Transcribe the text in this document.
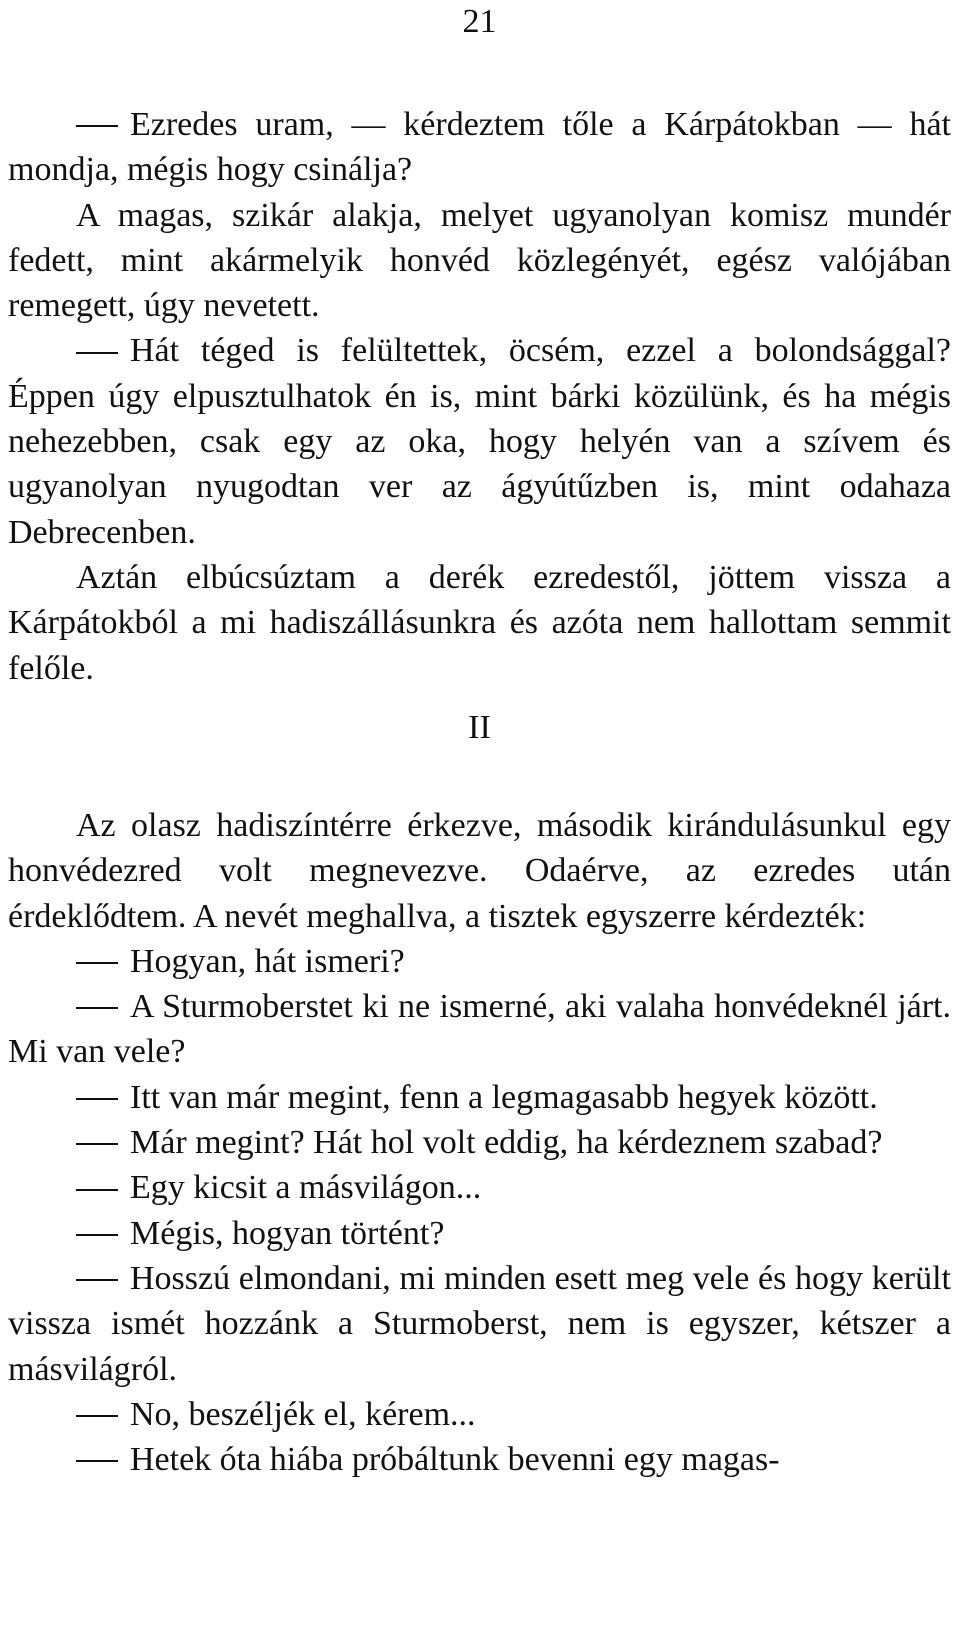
21

Ezredes uram, — kérdeztem tőle a Kárpátokban — hát mondja, mégis hogy csinálja?

A magas, szikár alakja, melyet ugyanolyan komisz mundér fedett, mint akármelyik honvéd közlegényét, egész valójában remegett, úgy nevetett.

Hát téged is felültettek, öcsém, ezzel a bolondsággal? Éppen úgy elpusztulhatok én is, mint bárki közülünk, és ha mégis nehezebben, csak egy az oka, hogy helyén van a szívem és ugyanolyan nyugodtan ver az ágyútűzben is, mint odahaza Debrecenben.

Aztán elbúcsúztam a derék ezredestől, jöttem vissza a Kárpátokból a mi hadiszállásunkra és azóta nem hallottam semmit felőle.

II

Az olasz hadiszíntérre érkezve, második kirándulásunkul egy honvédezred volt megnevezve. Odaérve, az ezredes után érdeklődtem. A nevét meghallva, a tisztek egyszerre kérdezték:

Hogyan, hát ismeri?

A Sturmoberstet ki ne ismerné, aki valaha honvédeknél járt. Mi van vele?

Itt van már megint, fenn a legmagasabb hegyek között.

Már megint? Hát hol volt eddig, ha kérdeznem szabad?

Egy kicsit a másvilágon...

Mégis, hogyan történt?

Hosszú elmondani, mi minden esett meg vele és hogy került vissza ismét hozzánk a Sturmoberst, nem is egyszer, kétszer a másvilágról.

No, beszéljék el, kérem...

Hetek óta hiába próbáltunk bevenni egy magas-
